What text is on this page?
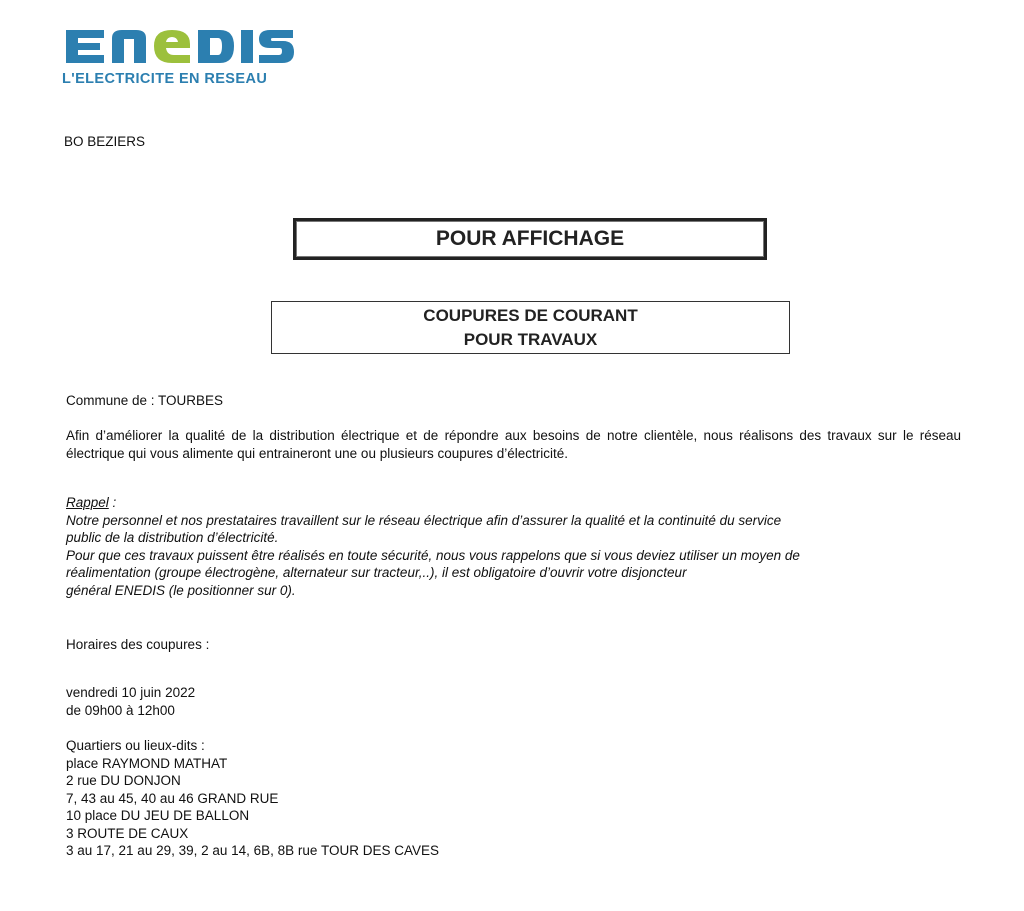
L'ELECTRICITE EN RESEAU
BO BEZIERS
POUR AFFICHAGE
COUPURES DE COURANT
POUR TRAVAUX
Commune de : TOURBES
Afin d’améliorer la qualité de la distribution électrique et de répondre aux besoins de notre clientèle, nous réalisons des travaux sur le réseau électrique qui vous alimente qui entraineront une ou plusieurs coupures d’électricité.
Rappel :
Notre personnel et nos prestataires travaillent sur le réseau électrique afin d’assurer la qualité et la continuité du service
public de la distribution d’électricité.
Pour que ces travaux puissent être réalisés en toute sécurité, nous vous rappelons que si vous deviez utiliser un moyen de
réalimentation (groupe électrogène, alternateur sur tracteur,..), il est obligatoire d’ouvrir votre disjoncteur
général ENEDIS (le positionner sur 0).
Horaires des coupures :
vendredi 10 juin 2022
de 09h00 à 12h00
Quartiers ou lieux-dits :
place RAYMOND MATHAT
2 rue DU DONJON
7, 43 au 45, 40 au 46 GRAND RUE
10 place DU JEU DE BALLON
3 ROUTE DE CAUX
3 au 17, 21 au 29, 39, 2 au 14, 6B, 8B rue TOUR DES CAVES
